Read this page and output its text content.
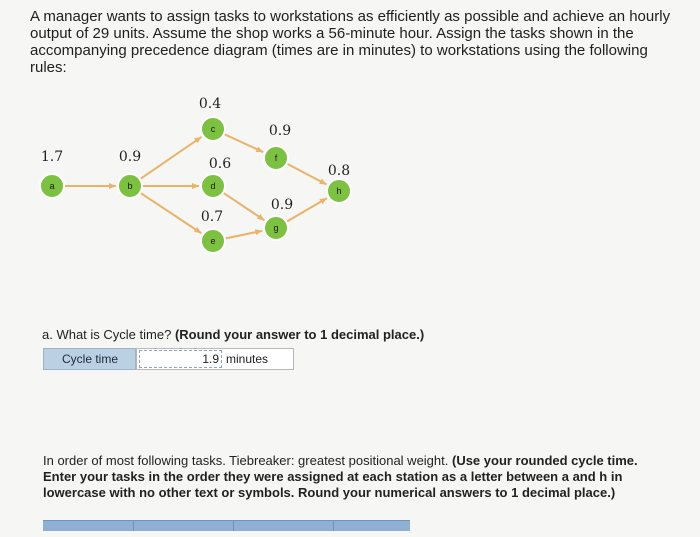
A manager wants to assign tasks to workstations as efficiently as possible and achieve an hourly output of 29 units. Assume the shop works a 56-minute hour. Assign the tasks shown in the accompanying precedence diagram (times are in minutes) to workstations using the following rules:
a
1.7
b
0.9
c
0.4
d
0.6
e
0.7
f
0.9
g
0.9
h
0.8
a. What is Cycle time? (Round your answer to 1 decimal place.)
Cycle time	1.9 minutes
In order of most following tasks. Tiebreaker: greatest positional weight. (Use your rounded cycle time. Enter your tasks in the order they were assigned at each station as a letter between a and h in lowercase with no other text or symbols. Round your numerical answers to 1 decimal place.)
